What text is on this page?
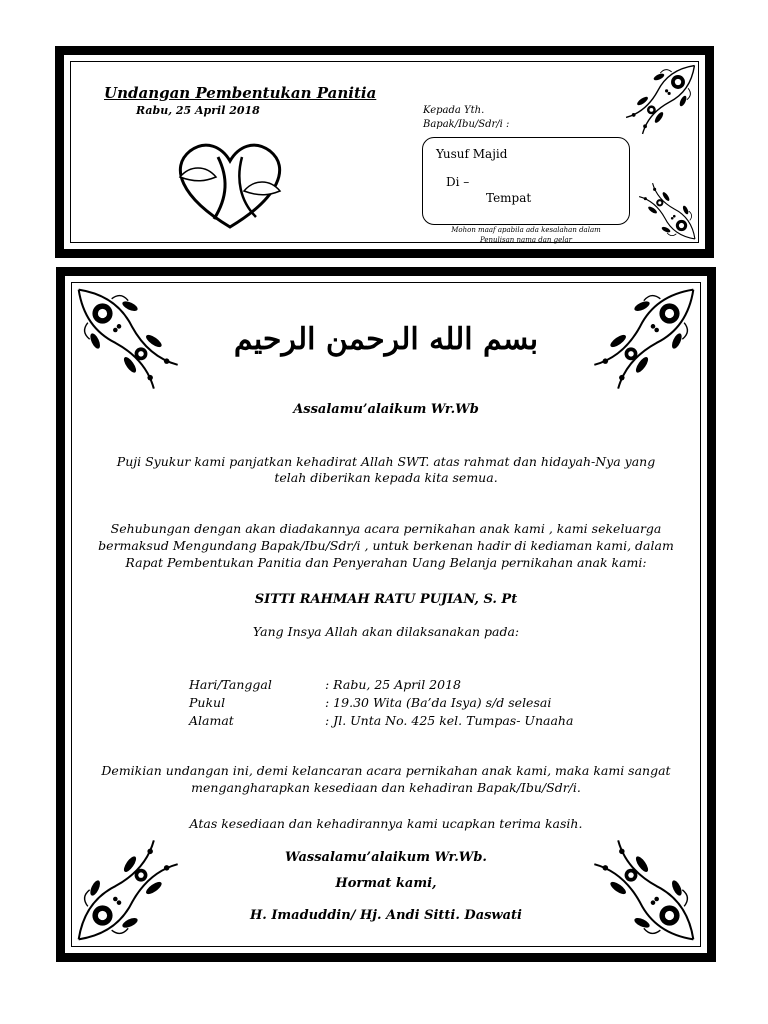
Undangan Pembentukan Panitia
Rabu, 25 April 2018	Kepada Yth.
Bapak/Ibu/Sdr/i :
Yusuf Majid
Di –
Tempat
Mohon maaf apabila ada kesalahan dalam
Penulisan nama dan gelar
بسم الله الرحمن الرحيم
Assalamu’alaikum Wr.Wb
Puji Syukur kami panjatkan kehadirat Allah SWT. atas rahmat dan hidayah-Nya yang
telah diberikan kepada kita semua.
Sehubungan dengan akan diadakannya acara pernikahan anak kami , kami sekeluarga
bermaksud Mengundang Bapak/Ibu/Sdr/i , untuk berkenan hadir di kediaman kami, dalam
Rapat Pembentukan Panitia dan Penyerahan Uang Belanja pernikahan anak kami:
SITTI RAHMAH RATU PUJIAN, S. Pt
Yang Insya Allah akan dilaksanakan pada:
Hari/Tanggal	: Rabu, 25 April 2018
Pukul	: 19.30 Wita (Ba’da Isya) s/d selesai
Alamat	: Jl. Unta No. 425 kel. Tumpas- Unaaha
Demikian undangan ini, demi kelancaran acara pernikahan anak kami, maka kami sangat
mengangharapkan kesediaan dan kehadiran Bapak/Ibu/Sdr/i.
Atas kesediaan dan kehadirannya kami ucapkan terima kasih.
Wassalamu’alaikum Wr.Wb.
Hormat kami,
H. Imaduddin/ Hj. Andi Sitti. Daswati
